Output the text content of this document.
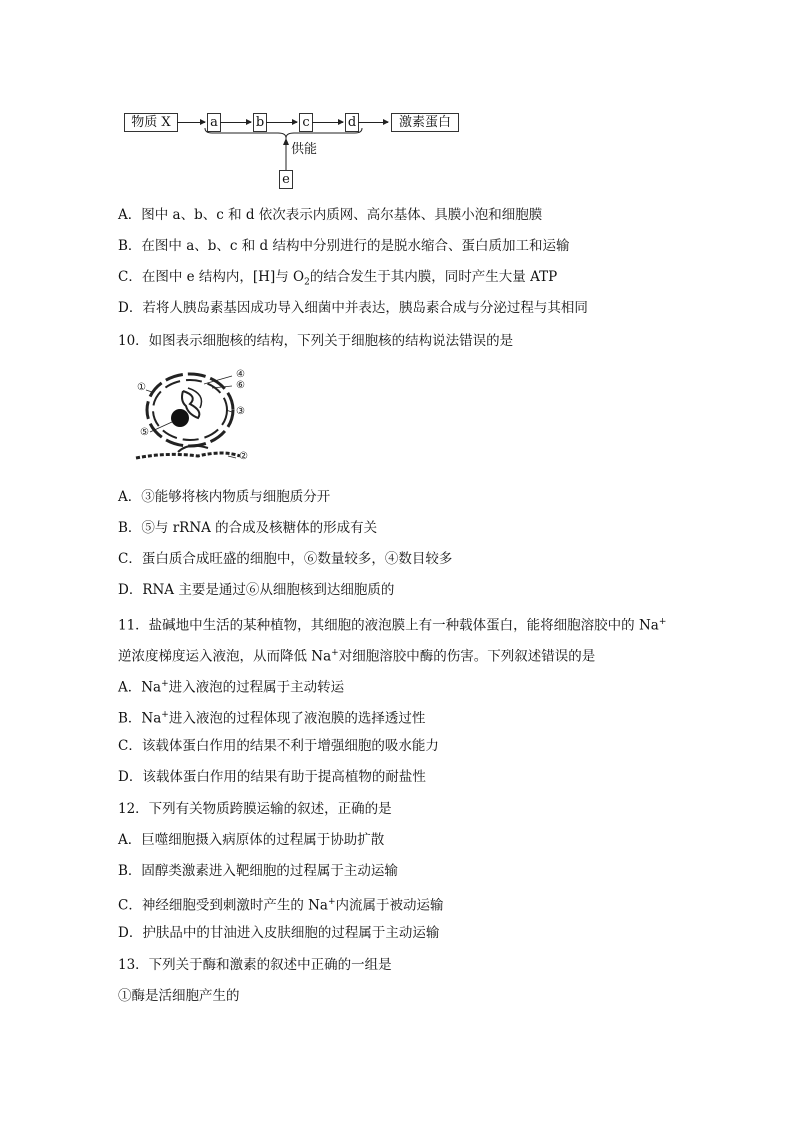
物质 X	a	b	c	d	激素蛋白
供能
e
A．图中 a、b、c 和 d 依次表示内质网、高尔基体、具膜小泡和细胞膜
B．在图中 a、b、c 和 d 结构中分别进行的是脱水缩合、蛋白质加工和运输
C．在图中 e 结构内，[H]与 $O_2$的结合发生于其内膜，同时产生大量 ATP
D．若将人胰岛素基因成功导入细菌中并表达，胰岛素合成与分泌过程与其相同
10．如图表示细胞核的结构，下列关于细胞核的结构说法错误的是
①
②
③
④
⑤
⑥
A．③能够将核内物质与细胞质分开
B．⑤与 rRNA 的合成及核糖体的形成有关
C．蛋白质合成旺盛的细胞中，⑥数量较多，④数目较多
D．RNA 主要是通过⑥从细胞核到达细胞质的
11．盐碱地中生活的某种植物，其细胞的液泡膜上有一种载体蛋白，能将细胞溶胶中的 Na+
逆浓度梯度运入液泡，从而降低 Na+对细胞溶胶中酶的伤害。下列叙述错误的是
A．Na+进入液泡的过程属于主动转运
B．Na+进入液泡的过程体现了液泡膜的选择透过性
C．该载体蛋白作用的结果不利于增强细胞的吸水能力
D．该载体蛋白作用的结果有助于提高植物的耐盐性
12．下列有关物质跨膜运输的叙述，正确的是
A．巨噬细胞摄入病原体的过程属于协助扩散
B．固醇类激素进入靶细胞的过程属于主动运输
C．神经细胞受到刺激时产生的 Na+内流属于被动运输
D．护肤品中的甘油进入皮肤细胞的过程属于主动运输
13．下列关于酶和激素的叙述中正确的一组是
①酶是活细胞产生的
